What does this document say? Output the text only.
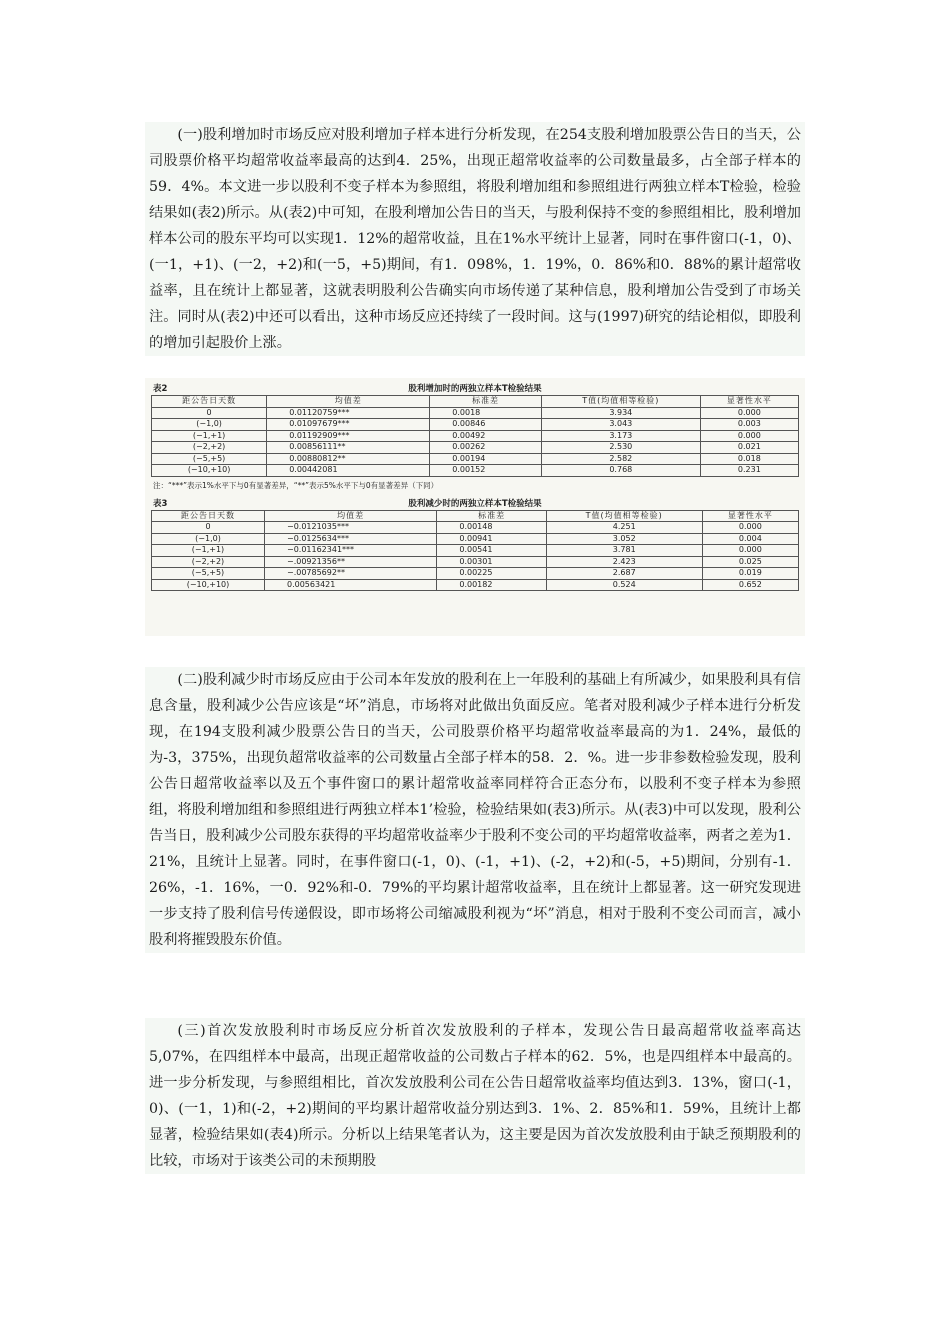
(一)股利增加时市场反应对股利增加子样本进行分析发现，在254支股利增加股票公告日的当天，公司股票价格平均超常收益率最高的达到4．25%，出现正超常收益率的公司数量最多，占全部子样本的59．4%。本文进一步以股利不变子样本为参照组，将股利增加组和参照组进行两独立样本T检验，检验结果如(表2)所示。从(表2)中可知，在股利增加公告日的当天，与股利保持不变的参照组相比，股利增加样本公司的股东平均可以实现1．12%的超常收益，且在1%水平统计上显著，同时在事件窗口(-1，0)、(一1，+1)、(一2，+2)和(一5，+5)期间，有1．098%，1．19%，0．86%和0．88%的累计超常收益率，且在统计上都显著，这就表明股利公告确实向市场传递了某种信息，股利增加公告受到了市场关注。同时从(表2)中还可以看出，这种市场反应还持续了一段时间。这与(1997)研究的结论相似，即股利的增加引起股价上涨。

表2	股利增加时的两独立样本T检验结果
距公告日天数	均值差	标准差	T值(均值相等检验)	显著性水平
0	0.01120759***	0.0018	3.934	0.000
(−1,0)	0.01097679***	0.00846	3.043	0.003
(−1,+1)	0.01192909***	0.00492	3.173	0.000
(−2,+2)	0.00856111**	0.00262	2.530	0.021
(−5,+5)	0.00880812**	0.00194	2.582	0.018
(−10,+10)	0.00442081	0.00152	0.768	0.231
注：“***”表示1%水平下与0有显著差异，“**”表示5%水平下与0有显著差异（下同）
表3	股利减少时的两独立样本T检验结果
距公告日天数	均值差	标准差	T值(均值相等检验)	显著性水平
0	−0.0121035***	0.00148	4.251	0.000
(−1,0)	−0.0125634***	0.00941	3.052	0.004
(−1,+1)	−0.01162341***	0.00541	3.781	0.000
(−2,+2)	−.00921356**	0.00301	2.423	0.025
(−5,+5)	−.00785692**	0.00225	2.687	0.019
(−10,+10)	0.00563421	0.00182	0.524	0.652

(二)股利减少时市场反应由于公司本年发放的股利在上一年股利的基础上有所减少，如果股利具有信息含量，股利减少公告应该是“坏”消息，市场将对此做出负面反应。笔者对股利减少子样本进行分析发现，在194支股利减少股票公告日的当天，公司股票价格平均超常收益率最高的为1．24%，最低的为-3，375%，出现负超常收益率的公司数量占全部子样本的58．2．%。进一步非参数检验发现，股利公告日超常收益率以及五个事件窗口的累计超常收益率同样符合正态分布，以股利不变子样本为参照组，将股利增加组和参照组进行两独立样本1’检验，检验结果如(表3)所示。从(表3)中可以发现，股利公告当日，股利减少公司股东获得的平均超常收益率少于股利不变公司的平均超常收益率，两者之差为1．21%，且统计上显著。同时，在事件窗口(-1，0)、(-1，+1)、(-2，+2)和(-5，+5)期间，分别有-1．26%，-1．16%，一0．92%和-0．79%的平均累计超常收益率，且在统计上都显著。这一研究发现进一步支持了股利信号传递假设，即市场将公司缩减股利视为“坏”消息，相对于股利不变公司而言，减小股利将摧毁股东价值。

(三)首次发放股利时市场反应分析首次发放股利的子样本，发现公告日最高超常收益率高达5,07%，在四组样本中最高，出现正超常收益的公司数占子样本的62．5%，也是四组样本中最高的。进一步分析发现，与参照组相比，首次发放股利公司在公告日超常收益率均值达到3．13%，窗口(-1，0)、(一1，1)和(-2，+2)期间的平均累计超常收益分别达到3．1%、2．85%和1．59%，且统计上都显著，检验结果如(表4)所示。分析以上结果笔者认为，这主要是因为首次发放股利由于缺乏预期股利的比较，市场对于该类公司的未预期股
